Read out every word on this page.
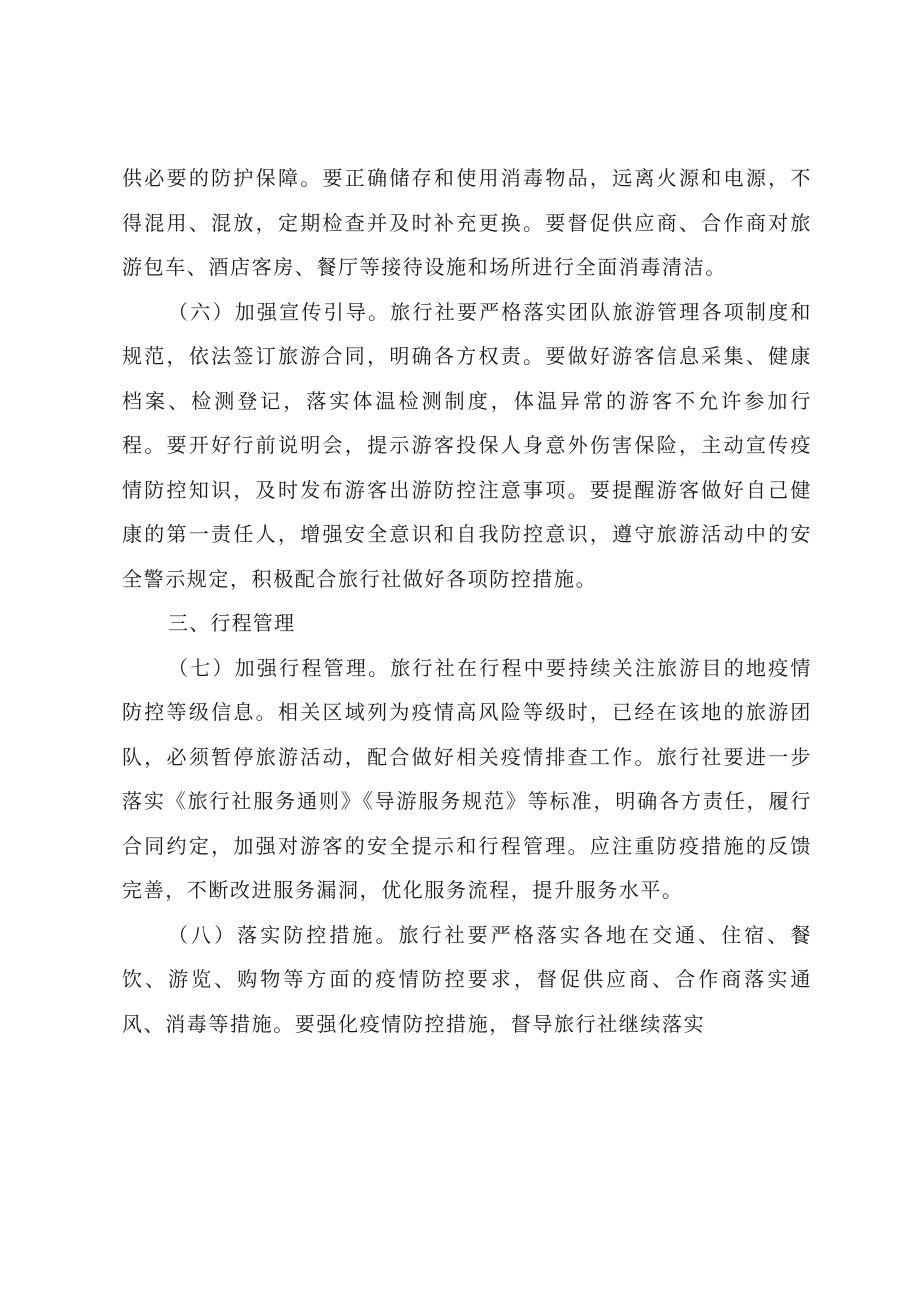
供必要的防护保障。要正确储存和使用消毒物品，远离火源和电源，不得混用、混放，定期检查并及时补充更换。要督促供应商、合作商对旅游包车、酒店客房、餐厅等接待设施和场所进行全面消毒清洁。

（六）加强宣传引导。旅行社要严格落实团队旅游管理各项制度和规范，依法签订旅游合同，明确各方权责。要做好游客信息采集、健康档案、检测登记，落实体温检测制度，体温异常的游客不允许参加行程。要开好行前说明会，提示游客投保人身意外伤害保险，主动宣传疫情防控知识，及时发布游客出游防控注意事项。要提醒游客做好自己健康的第一责任人，增强安全意识和自我防控意识，遵守旅游活动中的安全警示规定，积极配合旅行社做好各项防控措施。

三、行程管理

（七）加强行程管理。旅行社在行程中要持续关注旅游目的地疫情防控等级信息。相关区域列为疫情高风险等级时，已经在该地的旅游团队，必须暂停旅游活动，配合做好相关疫情排查工作。旅行社要进一步落实《旅行社服务通则》《导游服务规范》等标准，明确各方责任，履行合同约定，加强对游客的安全提示和行程管理。应注重防疫措施的反馈完善，不断改进服务漏洞，优化服务流程，提升服务水平。

（八）落实防控措施。旅行社要严格落实各地在交通、住宿、餐饮、游览、购物等方面的疫情防控要求，督促供应商、合作商落实通风、消毒等措施。要强化疫情防控措施，督导旅行社继续落实
